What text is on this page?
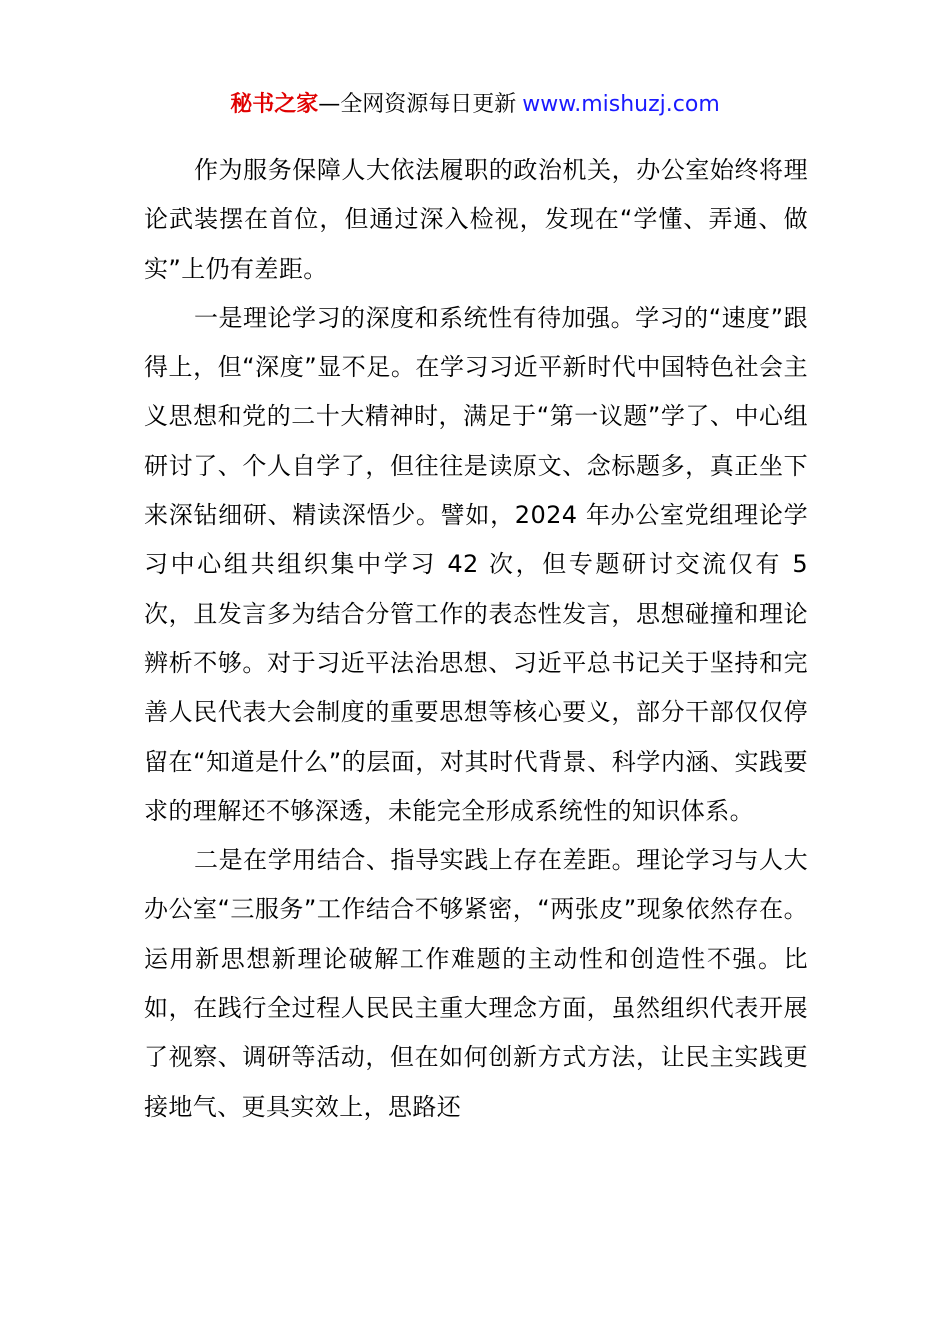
秘书之家—全网资源每日更新 www.mishuzj.com

作为服务保障人大依法履职的政治机关，办公室始终将理论武装摆在首位，但通过深入检视，发现在“学懂、弄通、做实”上仍有差距。

一是理论学习的深度和系统性有待加强。学习的“速度”跟得上，但“深度”显不足。在学习习近平新时代中国特色社会主义思想和党的二十大精神时，满足于“第一议题”学了、中心组研讨了、个人自学了，但往往是读原文、念标题多，真正坐下来深钻细研、精读深悟少。譬如，2024 年办公室党组理论学习中心组共组织集中学习 42 次，但专题研讨交流仅有 5 次，且发言多为结合分管工作的表态性发言，思想碰撞和理论辨析不够。对于习近平法治思想、习近平总书记关于坚持和完善人民代表大会制度的重要思想等核心要义，部分干部仅仅停留在“知道是什么”的层面，对其时代背景、科学内涵、实践要求的理解还不够深透，未能完全形成系统性的知识体系。

二是在学用结合、指导实践上存在差距。理论学习与人大办公室“三服务”工作结合不够紧密，“两张皮”现象依然存在。运用新思想新理论破解工作难题的主动性和创造性不强。比如，在践行全过程人民民主重大理念方面，虽然组织代表开展了视察、调研等活动，但在如何创新方式方法，让民主实践更接地气、更具实效上，思路还
